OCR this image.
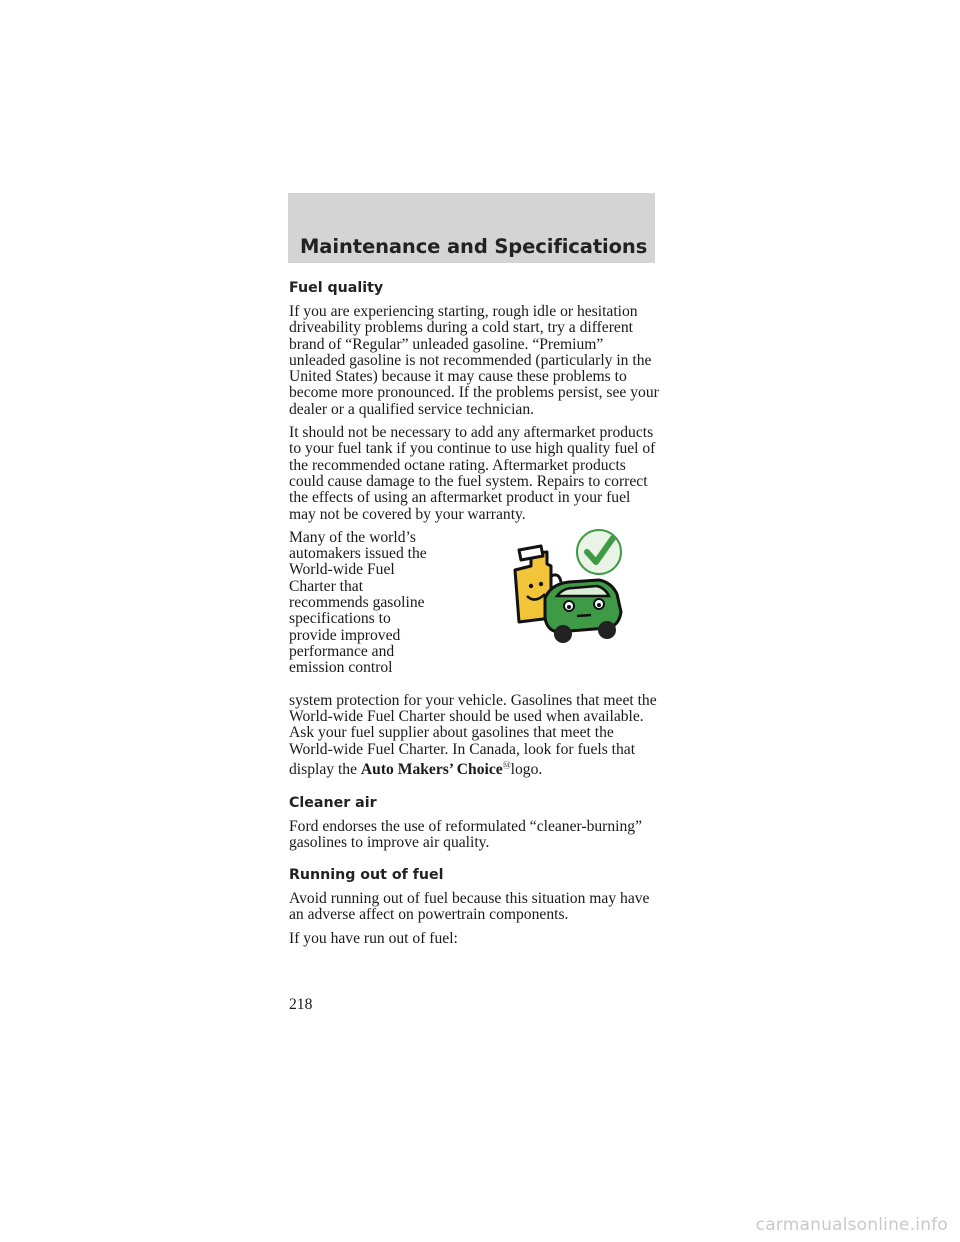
Maintenance and Specifications
Fuel quality

If you are experiencing starting, rough idle or hesitation driveability problems during a cold start, try a different brand of “Regular” unleaded gasoline. “Premium” unleaded gasoline is not recommended (particularly in the United States) because it may cause these problems to become more pronounced. If the problems persist, see your dealer or a qualified service technician.

It should not be necessary to add any aftermarket products to your fuel tank if you continue to use high quality fuel of the recommended octane rating. Aftermarket products could cause damage to the fuel system. Repairs to correct the effects of using an aftermarket product in your fuel may not be covered by your warranty.

Many of the world’s
automakers issued the
World-wide Fuel
Charter that
recommends gasoline
specifications to
provide improved
performance and
emission control

system protection for your vehicle. Gasolines that meet the World-wide Fuel Charter should be used when available. Ask your fuel supplier about gasolines that meet the World-wide Fuel Charter. In Canada, look for fuels that display the Auto Makers’ ChoiceⓂlogo.

Cleaner air

Ford endorses the use of reformulated “cleaner-burning” gasolines to improve air quality.

Running out of fuel

Avoid running out of fuel because this situation may have an adverse affect on powertrain components.

If you have run out of fuel:

218
carmanualsonline.info
